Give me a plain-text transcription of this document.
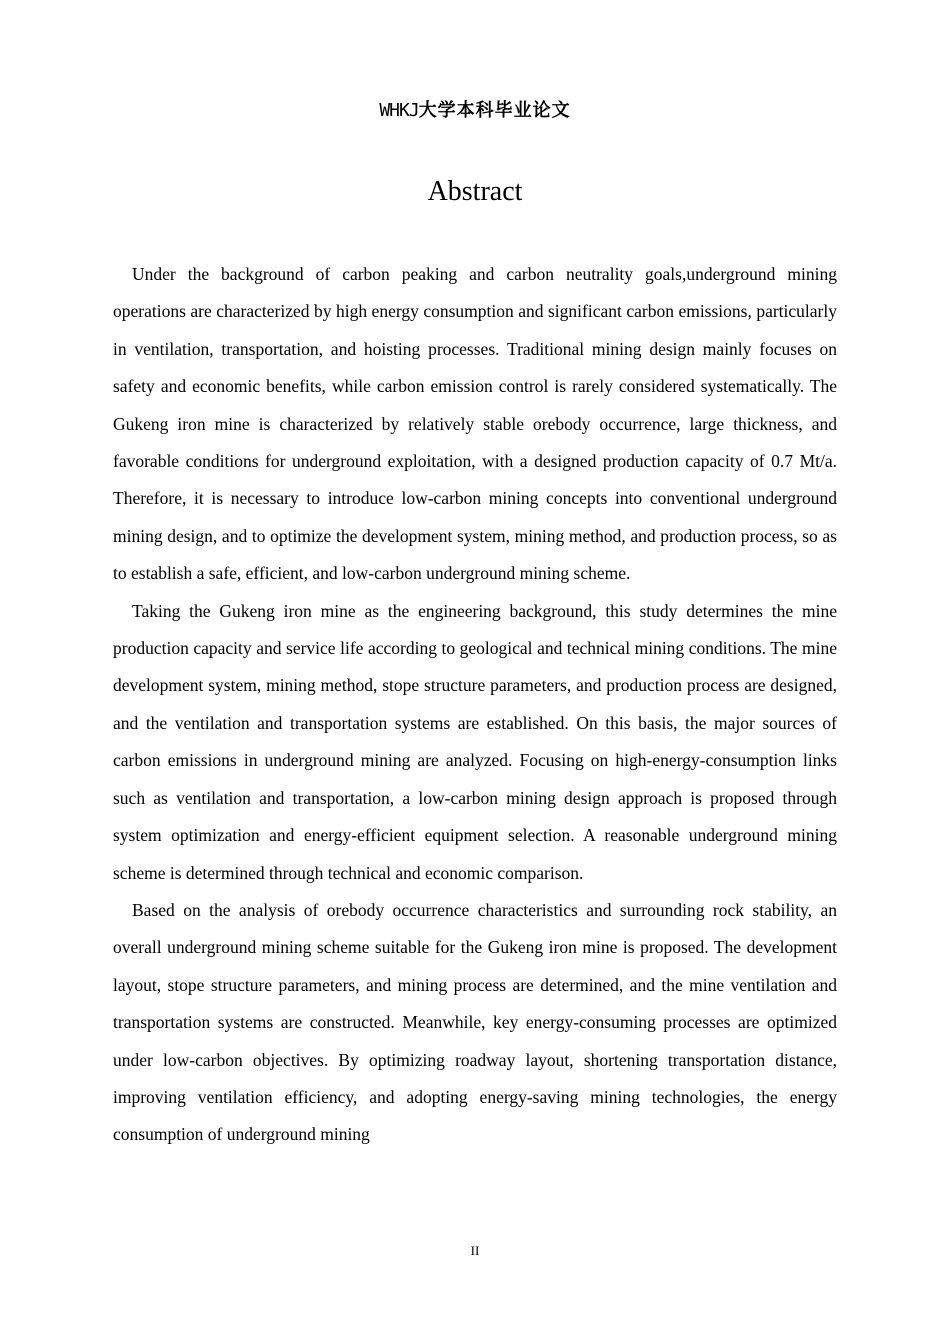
WHKJ大学本科毕业论文
Abstract

Under the background of carbon peaking and carbon neutrality goals,underground mining operations are characterized by high energy consumption and significant carbon emissions, particularly in ventilation, transportation, and hoisting processes. Traditional mining design mainly focuses on safety and economic benefits, while carbon emission control is rarely considered systematically. The Gukeng iron mine is characterized by relatively stable orebody occurrence, large thickness, and favorable conditions for underground exploitation, with a designed production capacity of 0.7 Mt/a. Therefore, it is necessary to introduce low-carbon mining concepts into conventional underground mining design, and to optimize the development system, mining method, and production process, so as to establish a safe, efficient, and low-carbon underground mining scheme.

Taking the Gukeng iron mine as the engineering background, this study determines the mine production capacity and service life according to geological and technical mining conditions. The mine development system, mining method, stope structure parameters, and production process are designed, and the ventilation and transportation systems are established. On this basis, the major sources of carbon emissions in underground mining are analyzed. Focusing on high-energy-consumption links such as ventilation and transportation, a low-carbon mining design approach is proposed through system optimization and energy-efficient equipment selection. A reasonable underground mining scheme is determined through technical and economic comparison.

Based on the analysis of orebody occurrence characteristics and surrounding rock stability, an overall underground mining scheme suitable for the Gukeng iron mine is proposed. The development layout, stope structure parameters, and mining process are determined, and the mine ventilation and transportation systems are constructed. Meanwhile, key energy-consuming processes are optimized under low-carbon objectives. By optimizing roadway layout, shortening transportation distance, improving ventilation efficiency, and adopting energy-saving mining technologies, the energy consumption of underground mining

II
